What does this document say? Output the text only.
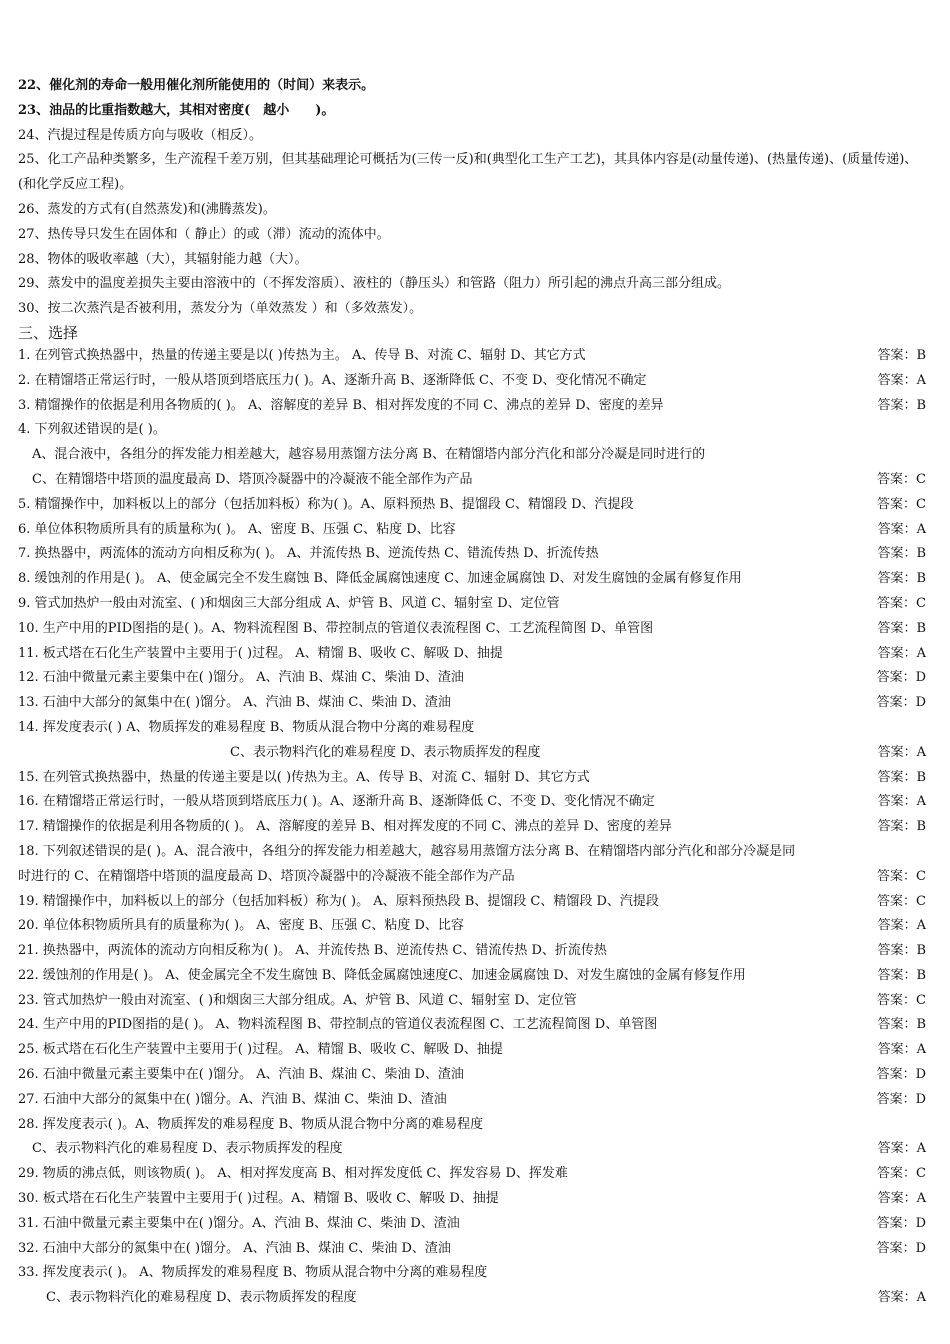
22、催化剂的寿命一般用催化剂所能使用的（时间）来表示。
23、油品的比重指数越大，其相对密度(　越小　　)。
24、汽提过程是传质方向与吸收（相反）。
25、化工产品种类繁多，生产流程千差万别，但其基础理论可概括为(三传一反)和(典型化工生产工艺)，其具体内容是(动量传递)、(热量传递)、(质量传递)、(和化学反应工程)。
26、蒸发的方式有(自然蒸发)和(沸腾蒸发)。
27、热传导只发生在固体和（ 静止）的或（滞）流动的流体中。
28、物体的吸收率越（大），其辐射能力越（大）。
29、蒸发中的温度差损失主要由溶液中的（不挥发溶质）、液柱的（静压头）和管路（阻力）所引起的沸点升高三部分组成。
30、按二次蒸汽是否被利用，蒸发分为（单效蒸发 ）和（多效蒸发）。
三、选择
1. 在列管式换热器中，热量的传递主要是以( )传热为主。 A、传导 B、对流 C、辐射 D、其它方式	答案：B
2. 在精馏塔正常运行时，一般从塔顶到塔底压力( )。A、逐渐升高 B、逐渐降低 C、不变 D、变化情况不确定	答案：A
3. 精馏操作的依据是利用各物质的( )。 A、溶解度的差异 B、相对挥发度的不同 C、沸点的差异 D、密度的差异	答案：B
4. 下列叙述错误的是( )。
A、混合液中，各组分的挥发能力相差越大，越容易用蒸馏方法分离 B、在精馏塔内部分汽化和部分冷凝是同时进行的
C、在精馏塔中塔顶的温度最高 D、塔顶冷凝器中的冷凝液不能全部作为产品	答案：C
5. 精馏操作中，加料板以上的部分（包括加料板）称为( )。A、原料预热 B、提馏段 C、精馏段 D、汽提段	答案：C
6. 单位体积物质所具有的质量称为( )。 A、密度 B、压强 C、粘度 D、比容	答案：A
7. 换热器中，两流体的流动方向相反称为( )。 A、并流传热 B、逆流传热 C、错流传热 D、折流传热	答案：B
8. 缓蚀剂的作用是( )。 A、使金属完全不发生腐蚀 B、降低金属腐蚀速度 C、加速金属腐蚀 D、对发生腐蚀的金属有修复作用	答案：B
9. 管式加热炉一般由对流室、( )和烟囱三大部分组成 A、炉管 B、风道 C、辐射室 D、定位管	答案：C
10. 生产中用的PID图指的是( )。A、物料流程图 B、带控制点的管道仪表流程图 C、工艺流程简图 D、单管图	答案：B
11. 板式塔在石化生产装置中主要用于( )过程。 A、精馏 B、吸收 C、解吸 D、抽提	答案：A
12. 石油中微量元素主要集中在( )馏分。 A、汽油 B、煤油 C、柴油 D、渣油	答案：D
13. 石油中大部分的氮集中在( )馏分。 A、汽油 B、煤油 C、柴油 D、渣油	答案：D
14. 挥发度表示( ) A、物质挥发的难易程度 B、物质从混合物中分离的难易程度
C、表示物料汽化的难易程度 D、表示物质挥发的程度	答案：A
15. 在列管式换热器中，热量的传递主要是以( )传热为主。A、传导 B、对流 C、辐射 D、其它方式	答案：B
16. 在精馏塔正常运行时，一般从塔顶到塔底压力( )。A、逐渐升高 B、逐渐降低 C、不变 D、变化情况不确定	答案：A
17. 精馏操作的依据是利用各物质的( )。 A、溶解度的差异 B、相对挥发度的不同 C、沸点的差异 D、密度的差异	答案：B
18. 下列叙述错误的是( )。A、混合液中，各组分的挥发能力相差越大，越容易用蒸馏方法分离 B、在精馏塔内部分汽化和部分冷凝是同
时进行的 C、在精馏塔中塔顶的温度最高 D、塔顶冷凝器中的冷凝液不能全部作为产品	答案：C
19. 精馏操作中，加料板以上的部分（包括加料板）称为( )。 A、原料预热段 B、提馏段 C、精馏段 D、汽提段	答案：C
20. 单位体积物质所具有的质量称为( )。 A、密度 B、压强 C、粘度 D、比容	答案：A
21. 换热器中，两流体的流动方向相反称为( )。 A、并流传热 B、逆流传热 C、错流传热 D、折流传热	答案：B
22. 缓蚀剂的作用是( )。 A、使金属完全不发生腐蚀 B、降低金属腐蚀速度C、加速金属腐蚀 D、对发生腐蚀的金属有修复作用	答案：B
23. 管式加热炉一般由对流室、( )和烟囱三大部分组成。A、炉管 B、风道 C、辐射室 D、定位管	答案：C
24. 生产中用的PID图指的是( )。 A、物料流程图 B、带控制点的管道仪表流程图 C、工艺流程简图 D、单管图	答案：B
25. 板式塔在石化生产装置中主要用于( )过程。 A、精馏 B、吸收 C、解吸 D、抽提	答案：A
26. 石油中微量元素主要集中在( )馏分。 A、汽油 B、煤油 C、柴油 D、渣油	答案：D
27. 石油中大部分的氮集中在( )馏分。A、汽油 B、煤油 C、柴油 D、渣油	答案：D
28. 挥发度表示( )。A、物质挥发的难易程度 B、物质从混合物中分离的难易程度
C、表示物料汽化的难易程度 D、表示物质挥发的程度	答案：A
29. 物质的沸点低，则该物质( )。 A、相对挥发度高 B、相对挥发度低 C、挥发容易 D、挥发难	答案：C
30. 板式塔在石化生产装置中主要用于( )过程。A、精馏 B、吸收 C、解吸 D、抽提	答案：A
31. 石油中微量元素主要集中在( )馏分。A、汽油 B、煤油 C、柴油 D、渣油	答案：D
32. 石油中大部分的氮集中在( )馏分。 A、汽油 B、煤油 C、柴油 D、渣油	答案：D
33. 挥发度表示( )。 A、物质挥发的难易程度 B、物质从混合物中分离的难易程度
C、表示物料汽化的难易程度 D、表示物质挥发的程度	答案：A
